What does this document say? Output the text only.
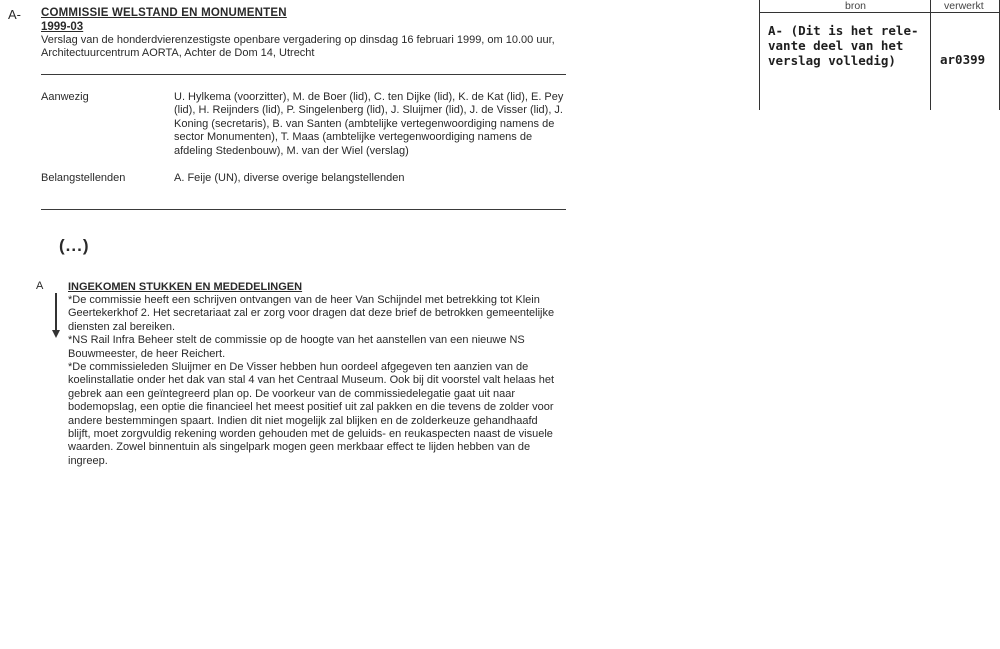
A- COMMISSIE WELSTAND EN MONUMENTEN
1999-03
Verslag van de honderdvierenzestigste openbare vergadering op dinsdag 16 februari 1999, om 10.00 uur, Architectuurcentrum AORTA, Achter de Dom 14, Utrecht
Aanwezig	U. Hylkema (voorzitter), M. de Boer (lid), C. ten Dijke (lid), K. de Kat (lid), E. Pey (lid), H. Reijnders (lid), P. Singelenberg (lid), J. Sluijmer (lid), J. de Visser (lid), J. Koning (secretaris), B. van Santen (ambtelijke vertegenwoordiging namens de sector Monumenten), T. Maas (ambtelijke vertegenwoordiging namens de afdeling Stedenbouw), M. van der Wiel (verslag)
Belangstellenden	A. Feije (UN), diverse overige belangstellenden
(...)
A INGEKOMEN STUKKEN EN MEDEDELINGEN
*De commissie heeft een schrijven ontvangen van de heer Van Schijndel met betrekking tot Klein Geertekerkhof 2. Het secretariaat zal er zorg voor dragen dat deze brief de betrokken gemeentelijke diensten zal bereiken.
*NS Rail Infra Beheer stelt de commissie op de hoogte van het aanstellen van een nieuwe NS Bouwmeester, de heer Reichert.
*De commissieleden Sluijmer en De Visser hebben hun oordeel afgegeven ten aanzien van de koelinstallatie onder het dak van stal 4 van het Centraal Museum. Ook bij dit voorstel valt helaas het gebrek aan een geïntegreerd plan op. De voorkeur van de commissiedelegatie gaat uit naar bodemopslag, een optie die financieel het meest positief uit zal pakken en die tevens de zolder voor andere bestemmingen spaart. Indien dit niet mogelijk zal blijken en de zolderkeuze gehandhaafd blijft, moet zorgvuldig rekening worden gehouden met de geluids- en reukaspecten naast de visuele waarden. Zowel binnentuin als singelpark mogen geen merkbaar effect te lijden hebben van de ingreep.
bron	verwerkt
A- (Dit is het rele-
vante deel van het
verslag volledig)	ar0399
